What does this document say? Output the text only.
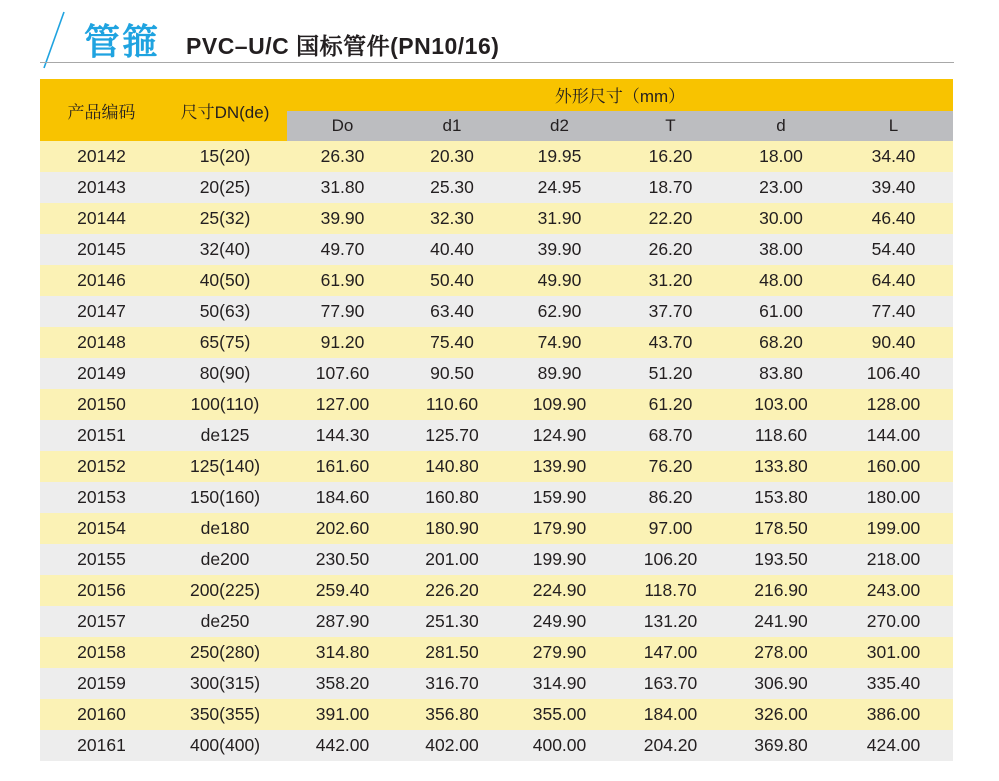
管箍 PVC–U/C 国标管件(PN10/16)
产品编码	尺寸DN(de)	外形尺寸（mm）					
		Do	d1	d2	T	d	L
20142	15(20)	26.30	20.30	19.95	16.20	18.00	34.40
20143	20(25)	31.80	25.30	24.95	18.70	23.00	39.40
20144	25(32)	39.90	32.30	31.90	22.20	30.00	46.40
20145	32(40)	49.70	40.40	39.90	26.20	38.00	54.40
20146	40(50)	61.90	50.40	49.90	31.20	48.00	64.40
20147	50(63)	77.90	63.40	62.90	37.70	61.00	77.40
20148	65(75)	91.20	75.40	74.90	43.70	68.20	90.40
20149	80(90)	107.60	90.50	89.90	51.20	83.80	106.40
20150	100(110)	127.00	110.60	109.90	61.20	103.00	128.00
20151	de125	144.30	125.70	124.90	68.70	118.60	144.00
20152	125(140)	161.60	140.80	139.90	76.20	133.80	160.00
20153	150(160)	184.60	160.80	159.90	86.20	153.80	180.00
20154	de180	202.60	180.90	179.90	97.00	178.50	199.00
20155	de200	230.50	201.00	199.90	106.20	193.50	218.00
20156	200(225)	259.40	226.20	224.90	118.70	216.90	243.00
20157	de250	287.90	251.30	249.90	131.20	241.90	270.00
20158	250(280)	314.80	281.50	279.90	147.00	278.00	301.00
20159	300(315)	358.20	316.70	314.90	163.70	306.90	335.40
20160	350(355)	391.00	356.80	355.00	184.00	326.00	386.00
20161	400(400)	442.00	402.00	400.00	204.20	369.80	424.00
